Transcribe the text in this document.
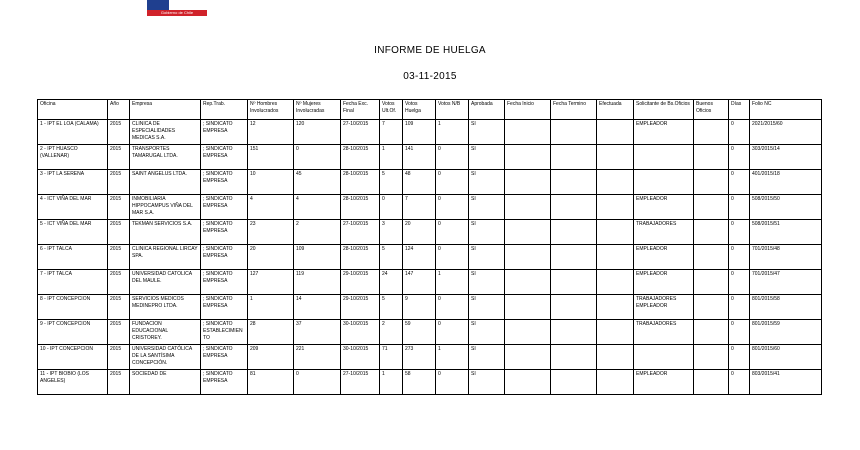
Gobierno de Chile
INFORME DE HUELGA
03-11-2015
Oficina	Año	Empresa	Rep.Trab.	Nº Hombres Involucrados	Nº Mujeres Involucradas	Fecha Exc. Final	Votos Ult.Of.	Votos Huelga	Votos N/B	Aprobada	Fecha Inicio	Fecha Termino	Efectuada	Solicitante de Bs.Oficios	Buenos Oficios	Días	Folio NC
1 - IPT EL LOA (CALAMA)	2015	CLINICA DE ESPECIALIDADES MEDICAS S.A.	; SINDICATO EMPRESA	12	120	27-10/2015	7	109	1	SI				EMPLEADOR		0	2021/2015/60
2 - IPT HUASCO (VALLENAR)	2015	TRANSPORTES TAMARUGAL LTDA.	; SINDICATO EMPRESA	151	0	28-10/2015	1	141	0	SI						0	303/2015/14
3 - IPT LA SERENA	2015	SAINT ANGELUS LTDA.	; SINDICATO EMPRESA	10	45	28-10/2015	5	48	0	SI						0	401/2015/18
4 - ICT VIÑA DEL MAR	2015	INMOBILIARIA HIPPOCAMPUS VIÑA DEL MAR S.A.	; SINDICATO EMPRESA	4	4	28-10/2015	0	7	0	SI				EMPLEADOR		0	508/2015/50
5 - ICT VIÑA DEL MAR	2015	TEKMAN SERVICIOS S.A.	; SINDICATO EMPRESA	23	2	27-10/2015	3	20	0	SI				TRABAJADORES		0	508/2015/51
6 - IPT TALCA	2015	CLINICA REGIONAL LIRCAY SPA.	; SINDICATO EMPRESA	20	109	28-10/2015	5	124	0	SI				EMPLEADOR		0	701/2015/48
7 - IPT TALCA	2015	UNIVERSIDAD CATOLICA DEL MAULE.	; SINDICATO EMPRESA	127	119	29-10/2015	24	147	1	SI				EMPLEADOR		0	701/2015/47
8 - IPT CONCEPCION	2015	SERVICIOS MEDICOS MEDINEPRO LTDA.	; SINDICATO EMPRESA	1	14	29-10/2015	5	9	0	SI				TRABAJADORES EMPLEADOR		0	801/2015/58
9 - IPT CONCEPCION	2015	FUNDACION EDUCACIONAL CRISTOREY.	; SINDICATO ESTABLECIMIENTO	28	37	30-10/2015	2	59	0	SI				TRABAJADORES		0	801/2015/59
10 - IPT CONCEPCION	2015	UNIVERSIDAD CATÓLICA DE LA SANTÍSIMA CONCEPCIÓN.	; SINDICATO EMPRESA	209	221	30-10/2015	71	273	1	SI						0	801/2015/60
11 - IPT BIOBIO (LOS ANGELES)	2015	SOCIEDAD DE	; SINDICATO EMPRESA	81	0	27-10/2015	1	58	0	SI				EMPLEADOR		0	803/2015/41
